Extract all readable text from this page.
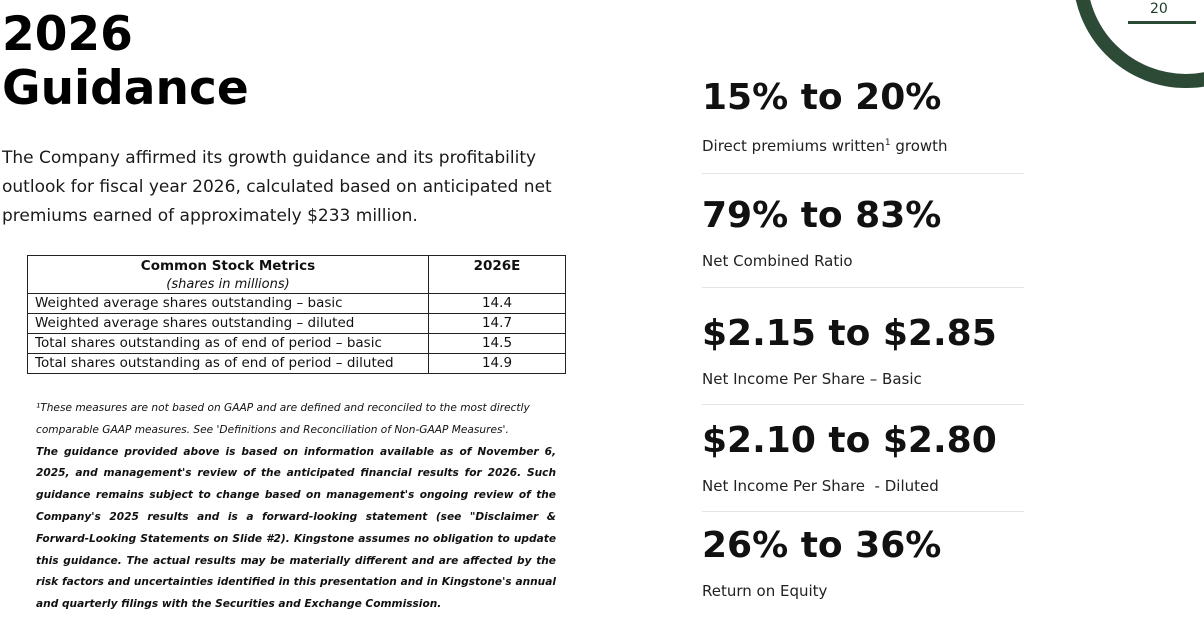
20
2026
Guidance

The Company affirmed its growth guidance and its profitability outlook for fiscal year 2026, calculated based on anticipated net premiums earned of approximately $233 million.

Common Stock Metrics
(shares in millions)	2026E
Weighted average shares outstanding – basic	14.4
Weighted average shares outstanding – diluted	14.7
Total shares outstanding as of end of period – basic	14.5
Total shares outstanding as of end of period – diluted	14.9
¹These measures are not based on GAAP and are defined and reconciled to the most directly comparable GAAP measures. See 'Definitions and Reconciliation of Non-GAAP Measures'.
The guidance provided above is based on information available as of November 6, 2025, and management's review of the anticipated financial results for 2026. Such guidance remains subject to change based on management's ongoing review of the Company's 2025 results and is a forward-looking statement (see "Disclaimer & Forward-Looking Statements on Slide #2). Kingstone assumes no obligation to update this guidance. The actual results may be materially different and are affected by the risk factors and uncertainties identified in this presentation and in Kingstone's annual and quarterly filings with the Securities and Exchange Commission.
15% to 20%
Direct premiums written$^1$ growth
79% to 83%
Net Combined Ratio
$2.15 to $2.85
Net Income Per Share – Basic
$2.10 to $2.80
Net Income Per Share  - Diluted
26% to 36%
Return on Equity
